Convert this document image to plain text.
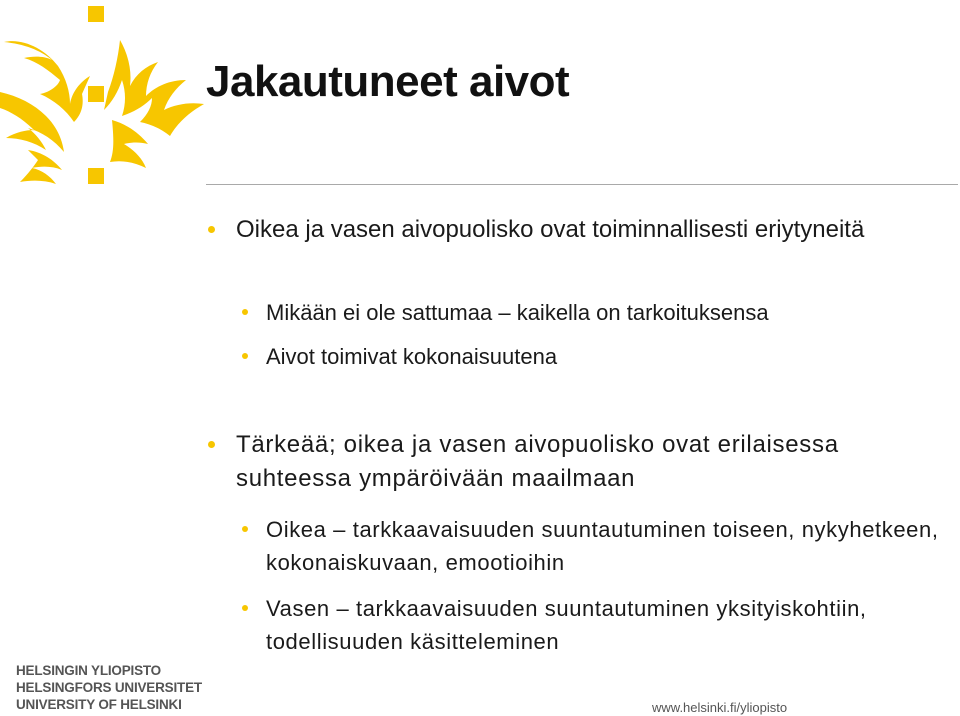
Jakautuneet aivot
Oikea ja vasen aivopuolisko ovat toiminnallisesti eriytyneitä
Mikään ei ole sattumaa – kaikella on tarkoituksensa
Aivot toimivat kokonaisuutena
Tärkeää; oikea ja vasen aivopuolisko ovat erilaisessa suhteessa ympäröivään maailmaan
Oikea – tarkkaavaisuuden suuntautuminen toiseen, nykyhetkeen, kokonaiskuvaan, emootioihin
Vasen – tarkkaavaisuuden suuntautuminen yksityiskohtiin, todellisuuden käsitteleminen
HELSINGIN YLIOPISTO
HELSINGFORS UNIVERSITET
UNIVERSITY OF HELSINKI	www.helsinki.fi/yliopisto
